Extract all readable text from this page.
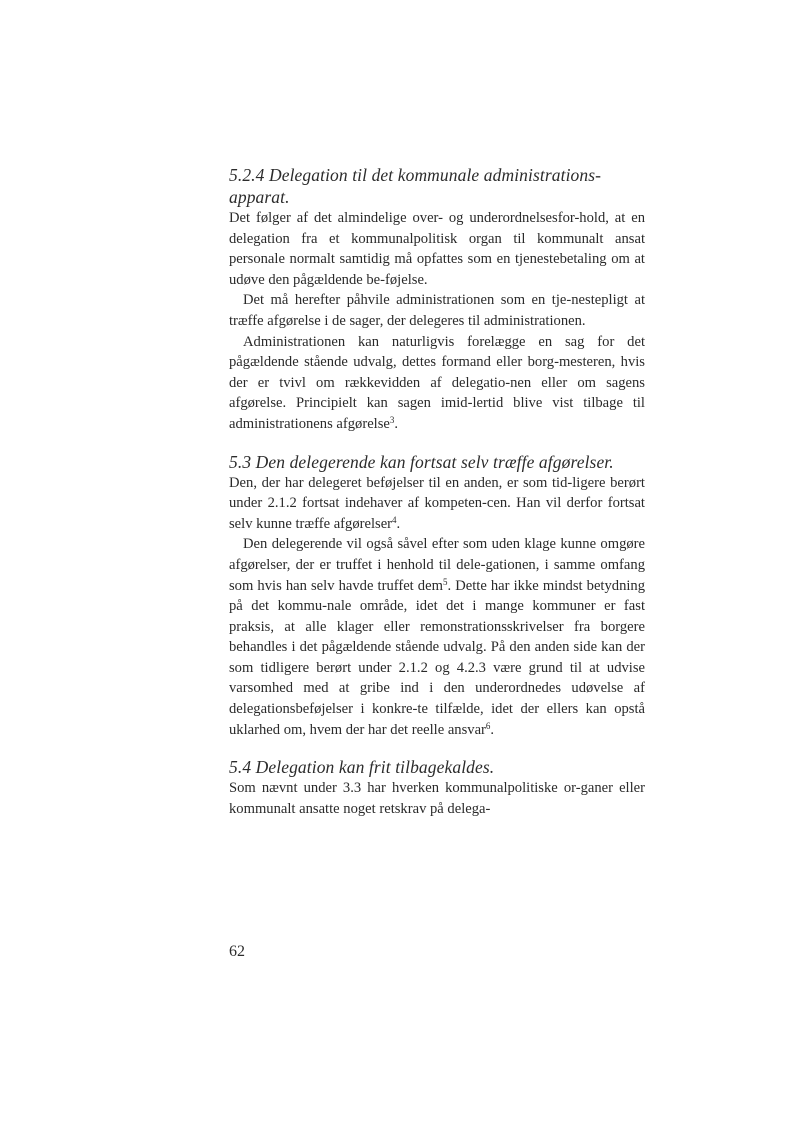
5.2.4 Delegation til det kommunale administrations-
apparat.

Det følger af det almindelige over- og underordnelsesfor-hold, at en delegation fra et kommunalpolitisk organ til kommunalt ansat personale normalt samtidig må opfattes som en tjenestebetaling om at udøve den pågældende be-føjelse.

Det må herefter påhvile administrationen som en tje-nestepligt at træffe afgørelse i de sager, der delegeres til administrationen.

Administrationen kan naturligvis forelægge en sag for det pågældende stående udvalg, dettes formand eller borg-mesteren, hvis der er tvivl om rækkevidden af delegatio-nen eller om sagens afgørelse. Principielt kan sagen imid-lertid blive vist tilbage til administrationens afgørelse$^3$.

5.3 Den delegerende kan fortsat selv træffe afgørelser.

Den, der har delegeret beføjelser til en anden, er som tid-ligere berørt under 2.1.2 fortsat indehaver af kompeten-cen. Han vil derfor fortsat selv kunne træffe afgørelser$^4$.

Den delegerende vil også såvel efter som uden klage kunne omgøre afgørelser, der er truffet i henhold til dele-gationen, i samme omfang som hvis han selv havde truffet dem$^5$. Dette har ikke mindst betydning på det kommu-nale område, idet det i mange kommuner er fast praksis, at alle klager eller remonstrationsskrivelser fra borgere behandles i det pågældende stående udvalg. På den anden side kan der som tidligere berørt under 2.1.2 og 4.2.3 være grund til at udvise varsomhed med at gribe ind i den underordnedes udøvelse af delegationsbeføjelser i konkre-te tilfælde, idet der ellers kan opstå uklarhed om, hvem der har det reelle ansvar$^6$.

5.4 Delegation kan frit tilbagekaldes.

Som nævnt under 3.3 har hverken kommunalpolitiske or-ganer eller kommunalt ansatte noget retskrav på delega-

62
